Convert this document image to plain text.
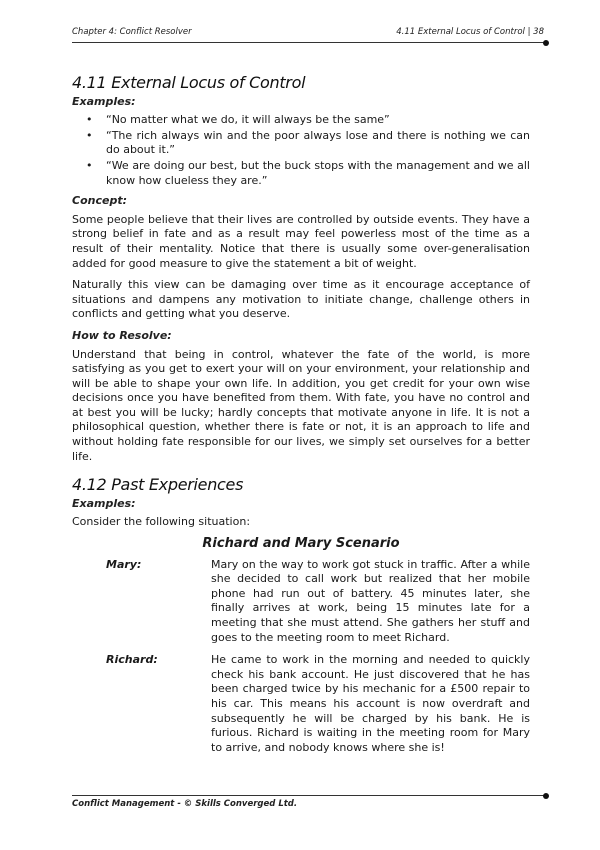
Chapter 4: Conflict Resolver	4.11 External Locus of Control | 38
4.11 External Locus of Control
Examples:
• “No matter what we do, it will always be the same”
• “The rich always win and the poor always lose and there is nothing we can do about it.”
• “We are doing our best, but the buck stops with the management and we all know how clueless they are.”
Concept:

Some people believe that their lives are controlled by outside events. They have a strong belief in fate and as a result may feel powerless most of the time as a result of their mentality. Notice that there is usually some over-generalisation added for good measure to give the statement a bit of weight.

Naturally this view can be damaging over time as it encourage acceptance of situations and dampens any motivation to initiate change, challenge others in conflicts and getting what you deserve.

How to Resolve:

Understand that being in control, whatever the fate of the world, is more satisfying as you get to exert your will on your environment, your relationship and will be able to shape your own life. In addition, you get credit for your own wise decisions once you have benefited from them. With fate, you have no control and at best you will be lucky; hardly concepts that motivate anyone in life. It is not a philosophical question, whether there is fate or not, it is an approach to life and without holding fate responsible for our lives, we simply set ourselves for a better life.

4.12 Past Experiences
Examples:

Consider the following situation:

Richard and Mary Scenario
Mary:	Mary on the way to work got stuck in traffic. After a while she decided to call work but realized that her mobile phone had run out of battery. 45 minutes later, she finally arrives at work, being 15 minutes late for a meeting that she must attend. She gathers her stuff and goes to the meeting room to meet Richard.
Richard:	He came to work in the morning and needed to quickly check his bank account. He just discovered that he has been charged twice by his mechanic for a £500 repair to his car. This means his account is now overdraft and subsequently he will be charged by his bank. He is furious. Richard is waiting in the meeting room for Mary to arrive, and nobody knows where she is!
Conflict Management - © Skills Converged Ltd.
